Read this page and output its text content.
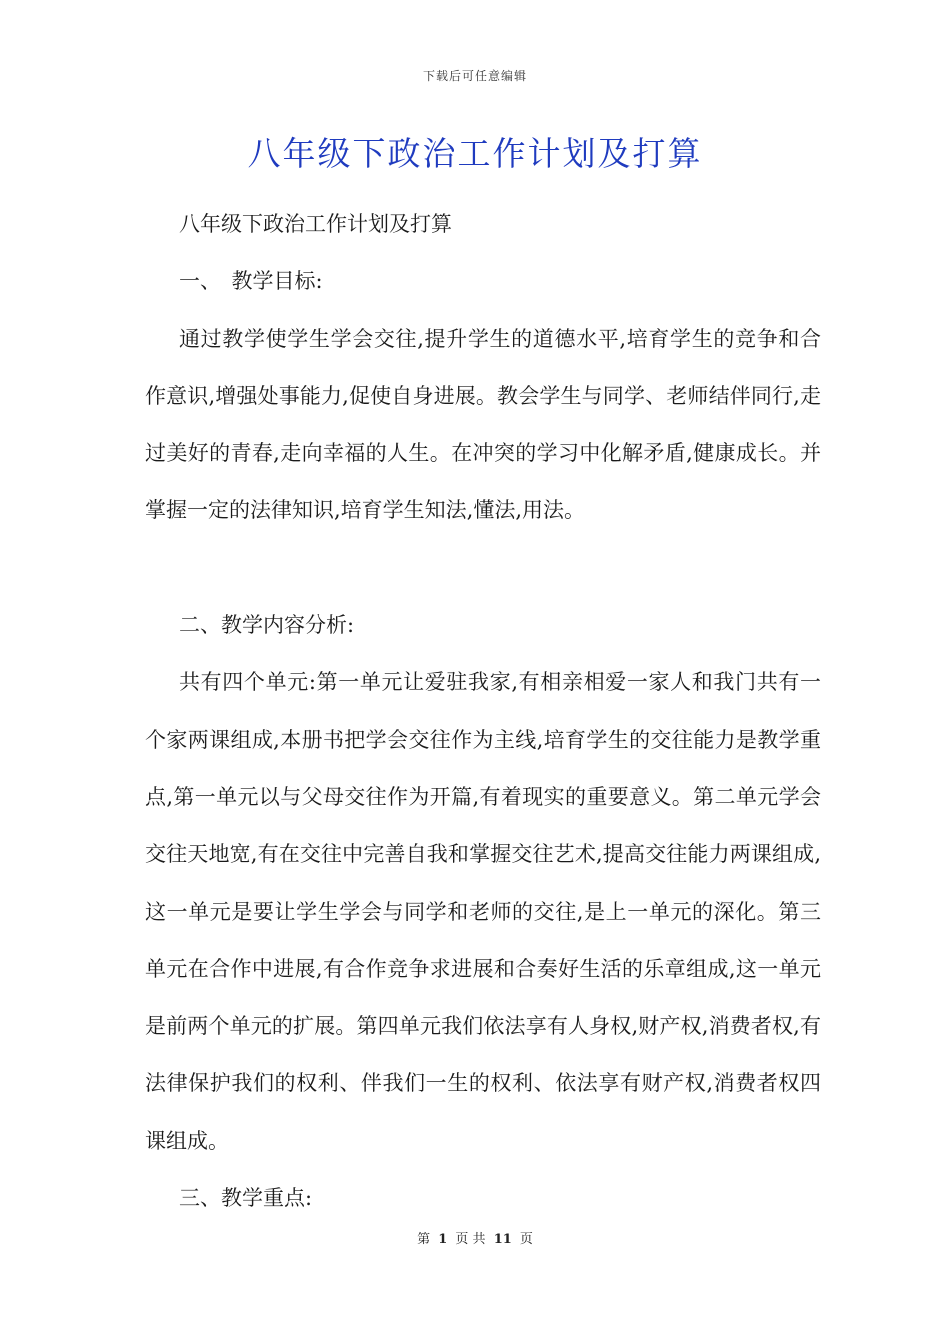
下载后可任意编辑
八年级下政治工作计划及打算

八年级下政治工作计划及打算

一、　教学目标:

通过教学使学生学会交往,提升学生的道德水平,培育学生的竞争和合作意识,增强处事能力,促使自身进展。教会学生与同学、老师结伴同行,走过美好的青春,走向幸福的人生。在冲突的学习中化解矛盾,健康成长。并掌握一定的法律知识,培育学生知法,懂法,用法。

二、教学内容分析:

共有四个单元:第一单元让爱驻我家,有相亲相爱一家人和我门共有一个家两课组成,本册书把学会交往作为主线,培育学生的交往能力是教学重点,第一单元以与父母交往作为开篇,有着现实的重要意义。第二单元学会交往天地宽,有在交往中完善自我和掌握交往艺术,提高交往能力两课组成,这一单元是要让学生学会与同学和老师的交往,是上一单元的深化。第三单元在合作中进展,有合作竞争求进展和合奏好生活的乐章组成,这一单元是前两个单元的扩展。第四单元我们依法享有人身权,财产权,消费者权,有法律保护我们的权利、伴我们一生的权利、依法享有财产权,消费者权四课组成。

三、教学重点:

第 1 页 共 11 页
